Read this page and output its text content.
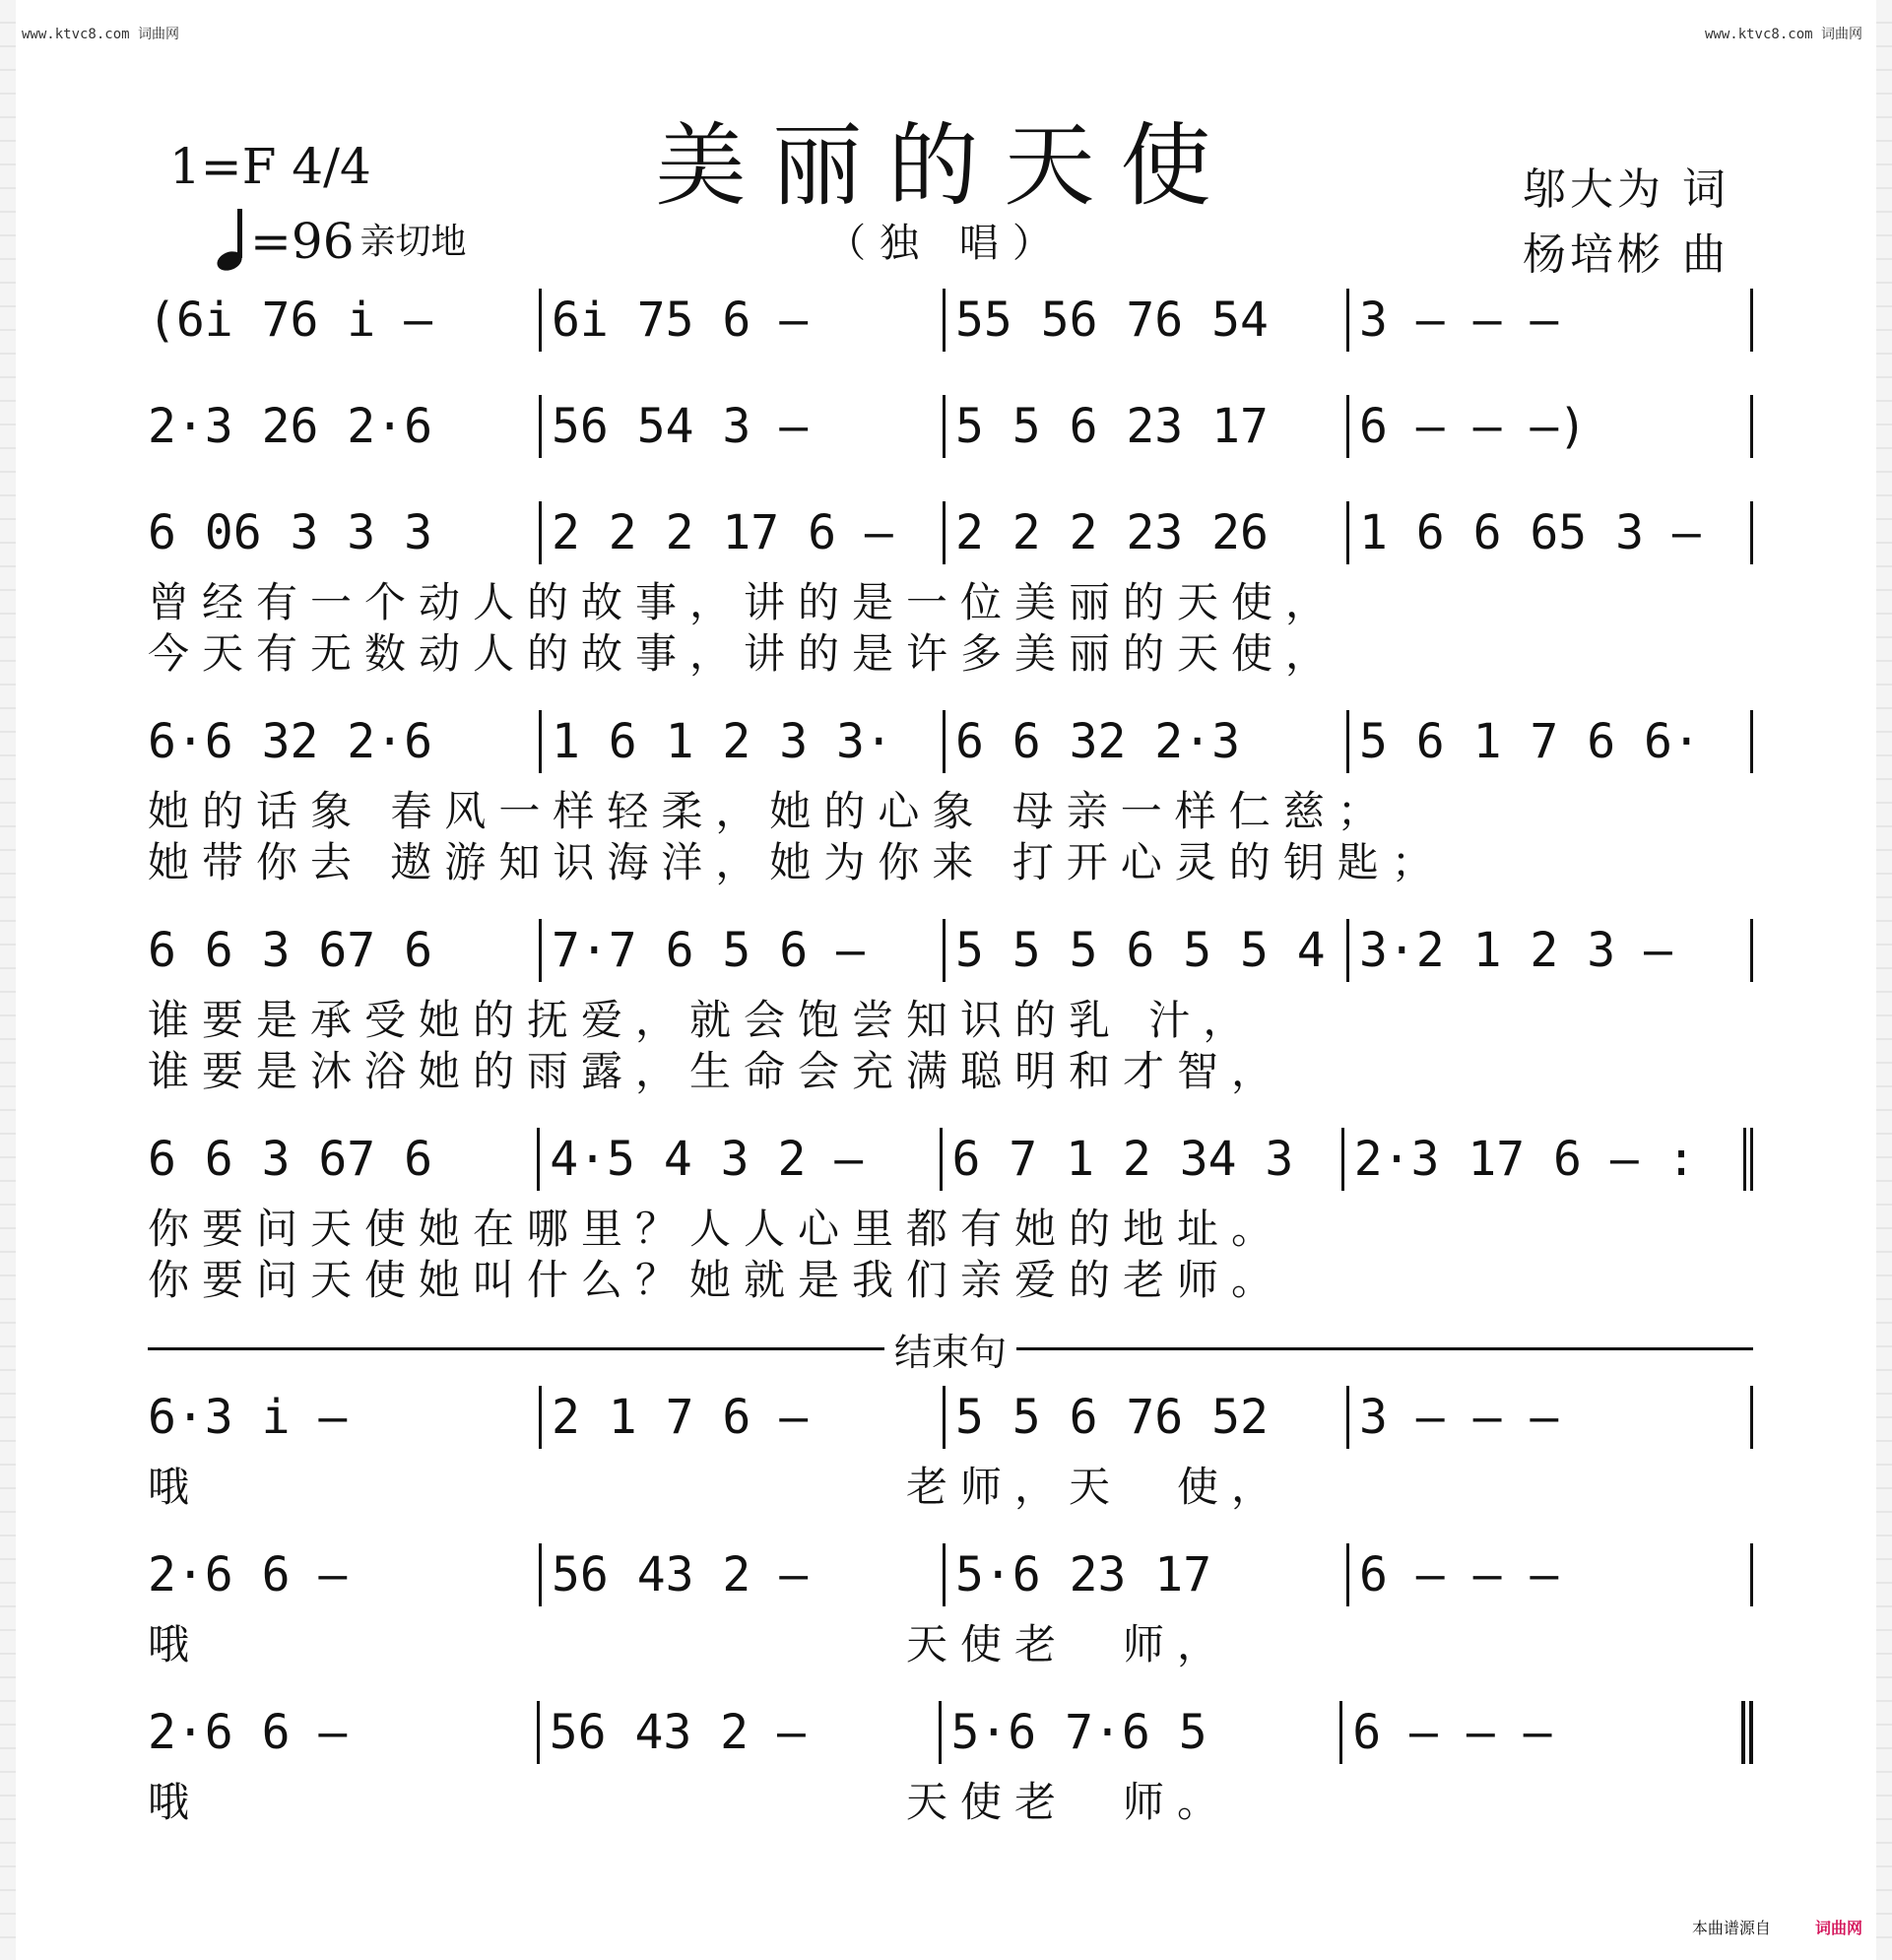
www.ktvc8.com 词曲网	www.ktvc8.com 词曲网
美丽的天使
（独 唱）
1=F 4/4
=96 亲切地
邬大为 词
杨培彬 曲
(6i 76 i —	6i 75 6 —	55 56 76 54	3 — — —
2·3 26 2·6	56 54 3 —	5 5 6 23 17	6 — — —)
6 06 3 3 3	2 2 2 17 6 —	2 2 2 23 26	1 6 6 65 3 —
曾经有一个动人的故事，讲的是一位美丽的天使，
今天有无数动人的故事，讲的是许多美丽的天使，
6·6 32 2·6	1 6 1 2 3 3·	6 6 32 2·3	5 6 1 7 6 6·
她的话象 春风一样轻柔，她的心象 母亲一样仁慈；
她带你去 遨游知识海洋，她为你来 打开心灵的钥匙；
6 6 3 67 6	7·7 6 5 6 —	5 5 5 6 5 5 4 3·2 1 2 3 —
谁要是承受她的抚爱，就会饱尝知识的乳 汁，
谁要是沐浴她的雨露，生命会充满聪明和才智，
6 6 3 67 6	4·5 4 3 2 —	6 7 1 2 34 3	2·3 17 6 — :
你要问天使她在哪里？人人心里都有她的地址。
你要问天使她叫什么？她就是我们亲爱的老师。
结束句
6·3 i —	2 1 7 6 —	5 5 6 76 52	3 — — —
哦　　　　　　　　　　　　　老师，天　使，
2·6 6 —	56 43 2 —	5·6 23 17	6 — — —
哦　　　　　　　　　　　　　天使老　师，
2·6 6 —	56 43 2 —	5·6 7·6 5	6 — — —
哦　　　　　　　　　　　　　天使老　师。
本曲谱源自	词曲网
